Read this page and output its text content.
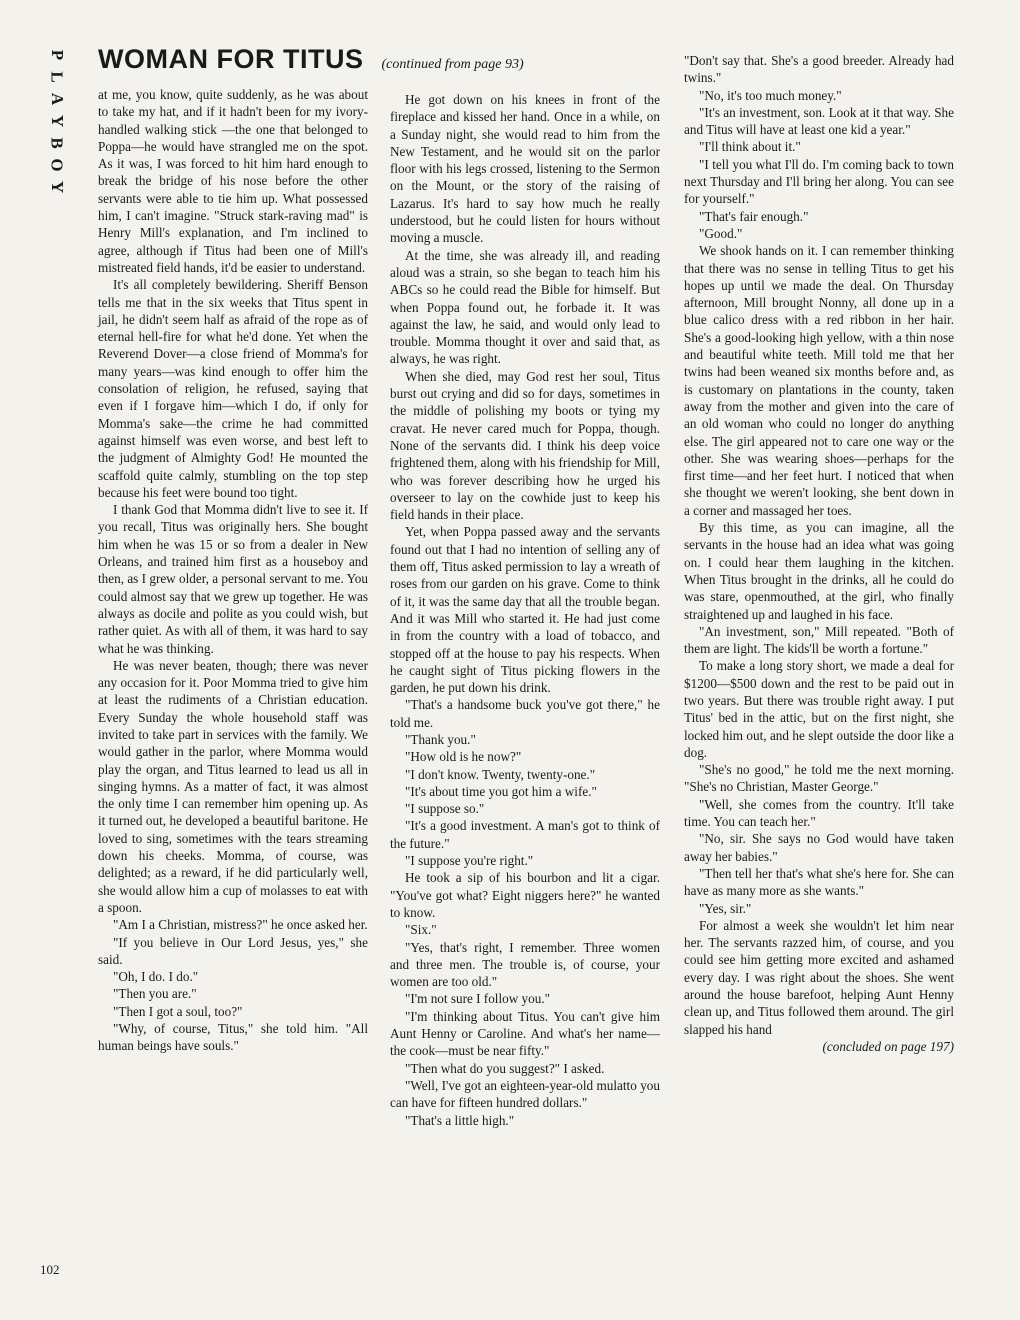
P
L
A
Y
B
O
Y
WOMAN FOR TITUS (continued from page 93)

at me, you know, quite suddenly, as he was about to take my hat, and if it hadn't been for my ivory-handled walking stick —the one that belonged to Poppa—he would have strangled me on the spot. As it was, I was forced to hit him hard enough to break the bridge of his nose before the other servants were able to tie him up. What possessed him, I can't imagine. "Struck stark-raving mad" is Henry Mill's explanation, and I'm inclined to agree, although if Titus had been one of Mill's mistreated field hands, it'd be easier to understand.

It's all completely bewildering. Sheriff Benson tells me that in the six weeks that Titus spent in jail, he didn't seem half as afraid of the rope as of eternal hell-fire for what he'd done. Yet when the Reverend Dover—a close friend of Momma's for many years—was kind enough to offer him the consolation of religion, he refused, saying that even if I forgave him—which I do, if only for Momma's sake—the crime he had committed against himself was even worse, and best left to the judgment of Almighty God! He mounted the scaffold quite calmly, stumbling on the top step because his feet were bound too tight.

I thank God that Momma didn't live to see it. If you recall, Titus was originally hers. She bought him when he was 15 or so from a dealer in New Orleans, and trained him first as a houseboy and then, as I grew older, a personal servant to me. You could almost say that we grew up together. He was always as docile and polite as you could wish, but rather quiet. As with all of them, it was hard to say what he was thinking.

He was never beaten, though; there was never any occasion for it. Poor Momma tried to give him at least the rudiments of a Christian education. Every Sunday the whole household staff was invited to take part in services with the family. We would gather in the parlor, where Momma would play the organ, and Titus learned to lead us all in singing hymns. As a matter of fact, it was almost the only time I can remember him opening up. As it turned out, he developed a beautiful baritone. He loved to sing, sometimes with the tears streaming down his cheeks. Momma, of course, was delighted; as a reward, if he did particularly well, she would allow him a cup of molasses to eat with a spoon.

"Am I a Christian, mistress?" he once asked her.

"If you believe in Our Lord Jesus, yes," she said.

"Oh, I do. I do."

"Then you are."

"Then I got a soul, too?"

"Why, of course, Titus," she told him. "All human beings have souls."

He got down on his knees in front of the fireplace and kissed her hand. Once in a while, on a Sunday night, she would read to him from the New Testament, and he would sit on the parlor floor with his legs crossed, listening to the Sermon on the Mount, or the story of the raising of Lazarus. It's hard to say how much he really understood, but he could listen for hours without moving a muscle.

At the time, she was already ill, and reading aloud was a strain, so she began to teach him his ABCs so he could read the Bible for himself. But when Poppa found out, he forbade it. It was against the law, he said, and would only lead to trouble. Momma thought it over and said that, as always, he was right.

When she died, may God rest her soul, Titus burst out crying and did so for days, sometimes in the middle of polishing my boots or tying my cravat. He never cared much for Poppa, though. None of the servants did. I think his deep voice frightened them, along with his friendship for Mill, who was forever describing how he urged his overseer to lay on the cowhide just to keep his field hands in their place.

Yet, when Poppa passed away and the servants found out that I had no intention of selling any of them off, Titus asked permission to lay a wreath of roses from our garden on his grave. Come to think of it, it was the same day that all the trouble began. And it was Mill who started it. He had just come in from the country with a load of tobacco, and stopped off at the house to pay his respects. When he caught sight of Titus picking flowers in the garden, he put down his drink.

"That's a handsome buck you've got there," he told me.

"Thank you."

"How old is he now?"

"I don't know. Twenty, twenty-one."

"It's about time you got him a wife."

"I suppose so."

"It's a good investment. A man's got to think of the future."

"I suppose you're right."

He took a sip of his bourbon and lit a cigar. "You've got what? Eight niggers here?" he wanted to know.

"Six."

"Yes, that's right, I remember. Three women and three men. The trouble is, of course, your women are too old."

"I'm not sure I follow you."

"I'm thinking about Titus. You can't give him Aunt Henny or Caroline. And what's her name—the cook—must be near fifty."

"Then what do you suggest?" I asked.

"Well, I've got an eighteen-year-old mulatto you can have for fifteen hundred dollars."

"That's a little high."

"Don't say that. She's a good breeder. Already had twins."

"No, it's too much money."

"It's an investment, son. Look at it that way. She and Titus will have at least one kid a year."

"I'll think about it."

"I tell you what I'll do. I'm coming back to town next Thursday and I'll bring her along. You can see for yourself."

"That's fair enough."

"Good."

We shook hands on it. I can remember thinking that there was no sense in telling Titus to get his hopes up until we made the deal. On Thursday afternoon, Mill brought Nonny, all done up in a blue calico dress with a red ribbon in her hair. She's a good-looking high yellow, with a thin nose and beautiful white teeth. Mill told me that her twins had been weaned six months before and, as is customary on plantations in the county, taken away from the mother and given into the care of an old woman who could no longer do anything else. The girl appeared not to care one way or the other. She was wearing shoes—perhaps for the first time—and her feet hurt. I noticed that when she thought we weren't looking, she bent down in a corner and massaged her toes.

By this time, as you can imagine, all the servants in the house had an idea what was going on. I could hear them laughing in the kitchen. When Titus brought in the drinks, all he could do was stare, openmouthed, at the girl, who finally straightened up and laughed in his face.

"An investment, son," Mill repeated. "Both of them are light. The kids'll be worth a fortune."

To make a long story short, we made a deal for $1200—$500 down and the rest to be paid out in two years. But there was trouble right away. I put Titus' bed in the attic, but on the first night, she locked him out, and he slept outside the door like a dog.

"She's no good," he told me the next morning. "She's no Christian, Master George."

"Well, she comes from the country. It'll take time. You can teach her."

"No, sir. She says no God would have taken away her babies."

"Then tell her that's what she's here for. She can have as many more as she wants."

"Yes, sir."

For almost a week she wouldn't let him near her. The servants razzed him, of course, and you could see him getting more excited and ashamed every day. I was right about the shoes. She went around the house barefoot, helping Aunt Henny clean up, and Titus followed them around. The girl slapped his hand

(concluded on page 197)

102
